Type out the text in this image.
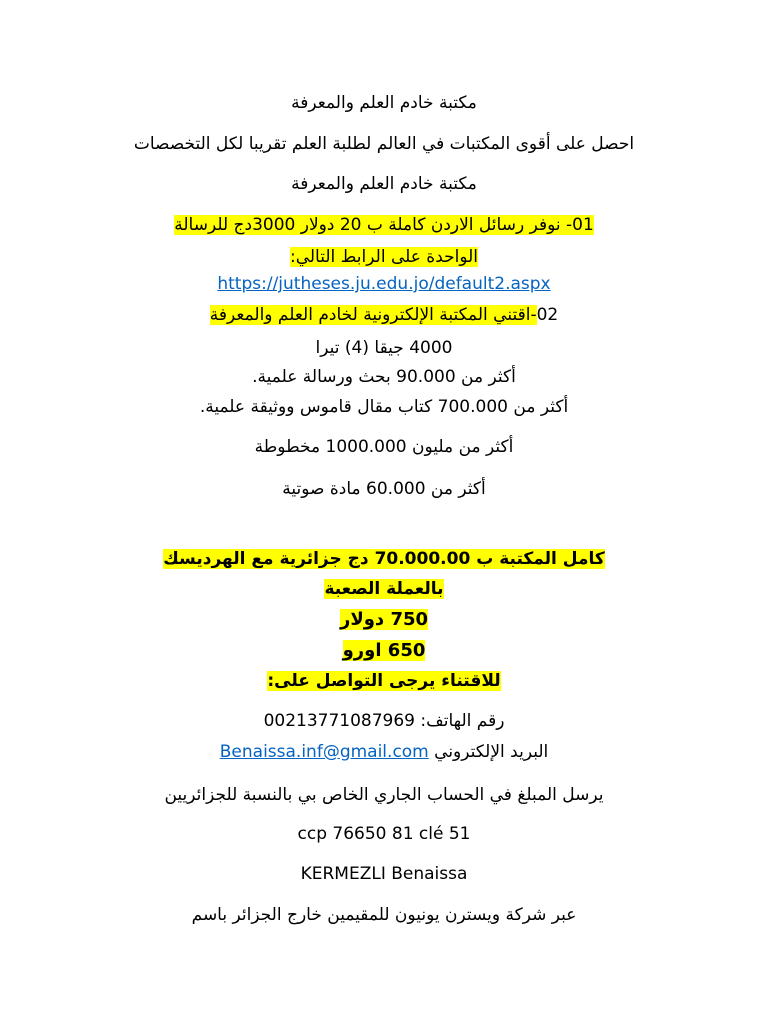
مكتبة خادم العلم والمعرفة
احصل على أقوى المكتبات في العالم لطلبة العلم تقريبا لكل التخصصات
مكتبة خادم العلم والمعرفة
01- نوفر رسائل الاردن كاملة ب 20 دولار 3000دج للرسالة
الواحدة على الرابط التالي:
https://jutheses.ju.edu.jo/default2.aspx
02-اقتني المكتبة الإلكترونية لخادم العلم والمعرفة
4000 جيقا (4) تيرا
أكثر من 90.000 بحث ورسالة علمية.
أكثر من 700.000 كتاب مقال قاموس ووثيقة علمية.
أكثر من مليون 1000.000 مخطوطة
أكثر من 60.000 مادة صوتية
كامل المكتبة ب 70.000.00 دج جزائرية مع الهرديسك
بالعملة الصعبة
750 دولار
650 اورو
للاقتناء يرجى التواصل على:
رقم الهاتف: 00213771087969
البريد الإلكتروني Benaissa.inf@gmail.com
يرسل المبلغ في الحساب الجاري الخاص بي بالنسبة للجزائريين
ccp 76650 81 clé 51
KERMEZLI Benaissa
عبر شركة ويسترن يونيون للمقيمين خارج الجزائر باسم
